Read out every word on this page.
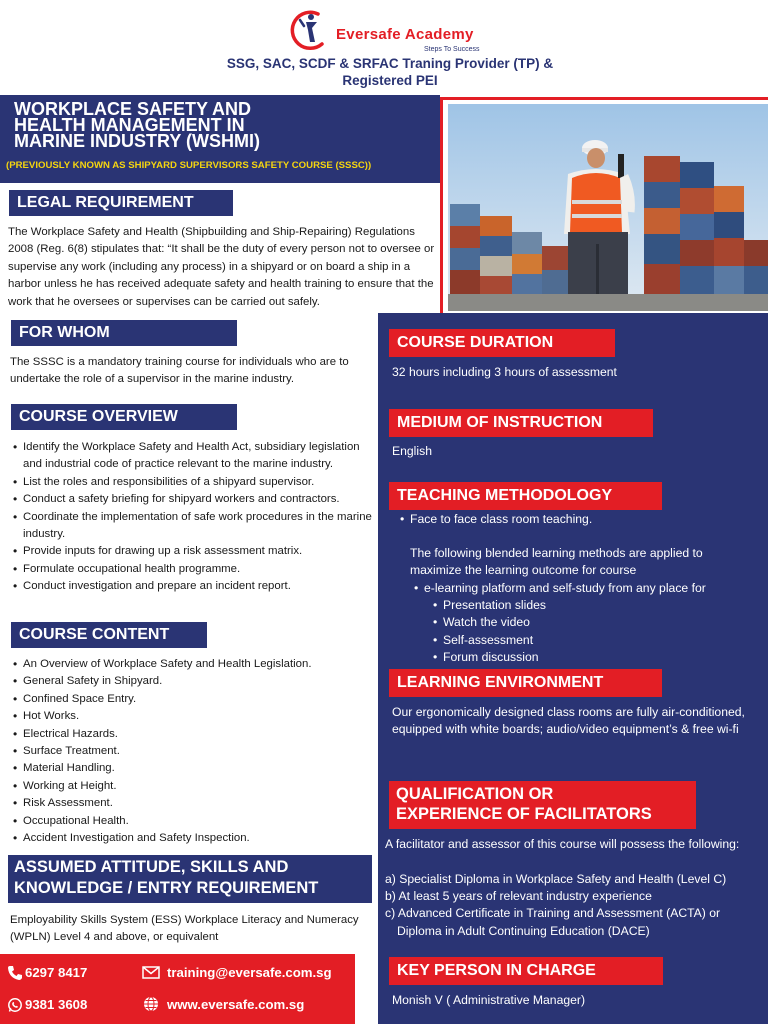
Eversafe Academy
Steps To Success
SSG, SAC, SCDF & SRFAC Traning Provider (TP) &
Registered PEI
WORKPLACE SAFETY AND
HEALTH MANAGEMENT IN
MARINE INDUSTRY (WSHMI)
(PREVIOUSLY KNOWN AS SHIPYARD SUPERVISORS SAFETY COURSE (SSSC))
LEGAL REQUIREMENT
The Workplace Safety and Health (Shipbuilding and Ship-Repairing) Regulations 2008 (Reg. 6(8) stipulates that: “It shall be the duty of every person not to oversee or supervise any work (including any process) in a shipyard or on board a ship in a harbor unless he has received adequate safety and health training to ensure that the work that he oversees or supervises can be carried out safely.
FOR WHOM
The SSSC is a mandatory training course for individuals who are to undertake the role of a supervisor in the marine industry.
COURSE OVERVIEW
• Identify the Workplace Safety and Health Act, subsidiary legislation and industrial code of practice relevant to the marine industry.
• List the roles and responsibilities of a shipyard supervisor.
• Conduct a safety briefing for shipyard workers and contractors.
• Coordinate the implementation of safe work procedures in the marine industry.
• Provide inputs for drawing up a risk assessment matrix.
• Formulate occupational health programme.
• Conduct investigation and prepare an incident report.
COURSE CONTENT
• An Overview of Workplace Safety and Health Legislation.
• General Safety in Shipyard.
• Confined Space Entry.
• Hot Works.
• Electrical Hazards.
• Surface Treatment.
• Material Handling.
• Working at Height.
• Risk Assessment.
• Occupational Health.
• Accident Investigation and Safety Inspection.
ASSUMED ATTITUDE, SKILLS AND
KNOWLEDGE / ENTRY REQUIREMENT
Employability Skills System (ESS) Workplace Literacy and Numeracy (WPLN) Level 4 and above, or equivalent
COURSE DURATION
32 hours including 3 hours of assessment
MEDIUM OF INSTRUCTION
English
TEACHING METHODOLOGY
• Face to face class room teaching.
The following blended learning methods are applied to maximize the learning outcome for course
• e-learning platform and self-study from any place for
• Presentation slides
• Watch the video
• Self-assessment
• Forum discussion
LEARNING ENVIRONMENT
Our ergonomically designed class rooms are fully air-conditioned, equipped with white boards; audio/video equipment’s & free wi-fi
QUALIFICATION OR
EXPERIENCE OF FACILITATORS
A facilitator and assessor of this course will possess the following:
a) Specialist Diploma in Workplace Safety and Health (Level C)
b) At least 5 years of relevant industry experience
c) Advanced Certificate in Training and Assessment (ACTA) or
Diploma in Adult Continuing Education (DACE)
KEY PERSON IN CHARGE
Monish V ( Administrative Manager)
6297 8417
9381 3608
training@eversafe.com.sg
www.eversafe.com.sg
